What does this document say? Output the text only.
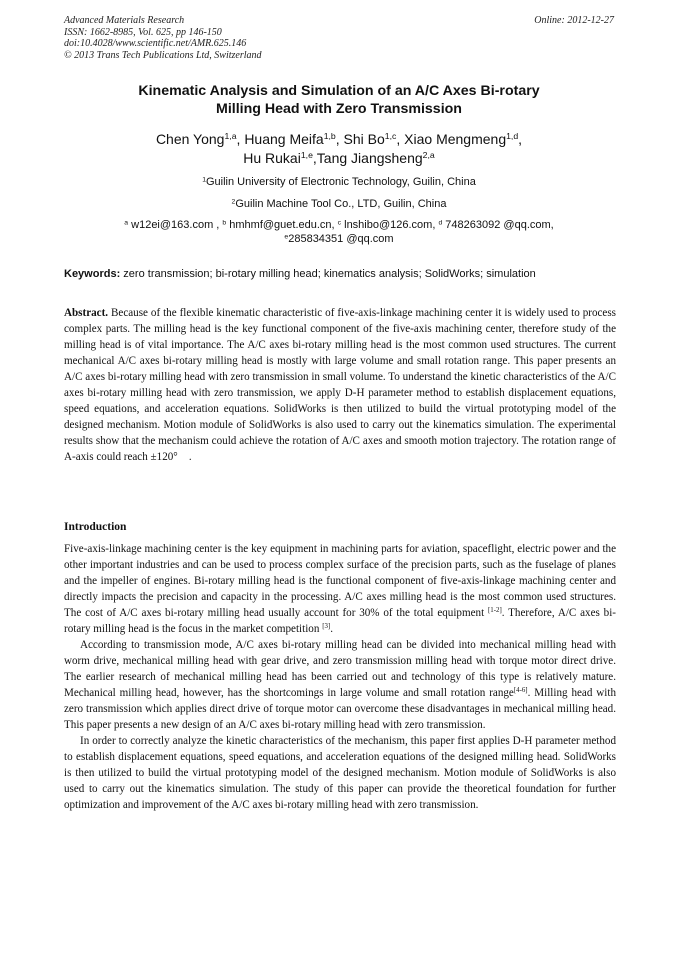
Advanced Materials Research
ISSN: 1662-8985, Vol. 625, pp 146-150
doi:10.4028/www.scientific.net/AMR.625.146
© 2013 Trans Tech Publications Ltd, Switzerland
Online: 2012-12-27
Kinematic Analysis and Simulation of an A/C Axes Bi-rotary
Milling Head with Zero Transmission
Chen Yong$^{1,a}$, Huang Meifa$^{1,b}$, Shi Bo$^{1,c}$, Xiao Mengmeng$^{1,d}$,
Hu Rukai$^{1,e}$,Tang Jiangsheng$^{2,a}$
$^1$Guilin University of Electronic Technology, Guilin, China
$^2$Guilin Machine Tool Co., LTD, Guilin, China
$^a$ w12ei@163.com , $^b$ hmhmf@guet.edu.cn, $^c$ lnshibo@126.com, $^d$ 748263092 @qq.com,
$^e$285834351 @qq.com
Keywords: zero transmission; bi-rotary milling head; kinematics analysis; SolidWorks; simulation
Abstract. Because of the flexible kinematic characteristic of five-axis-linkage machining center it is widely used to process complex parts. The milling head is the key functional component of the five-axis machining center, therefore study of the milling head is of vital importance. The A/C axes bi-rotary milling head is the most common used structures. The current mechanical A/C axes bi-rotary milling head is mostly with large volume and small rotation range. This paper presents an A/C axes bi-rotary milling head with zero transmission in small volume. To understand the kinetic characteristics of the A/C axes bi-rotary milling head with zero transmission, we apply D-H parameter method to establish displacement equations, speed equations, and acceleration equations. SolidWorks is then utilized to build the virtual prototyping model of the designed mechanism. Motion module of SolidWorks is also used to carry out the kinematics simulation. The experimental results show that the mechanism could achieve the rotation of A/C axes and smooth motion trajectory. The rotation range of A-axis could reach ±120° .
Introduction

Five-axis-linkage machining center is the key equipment in machining parts for aviation, spaceflight, electric power and the other important industries and can be used to process complex surface of the precision parts, such as the fuselage of planes and the impeller of engines. Bi-rotary milling head is the functional component of five-axis-linkage machining center and directly impacts the precision and capacity in the processing. A/C axes milling head is the most common used structures. The cost of A/C axes bi-rotary milling head usually account for 30% of the total equipment [1-2]. Therefore, A/C axes bi-rotary milling head is the focus in the market competition [3].

According to transmission mode, A/C axes bi-rotary milling head can be divided into mechanical milling head with worm drive, mechanical milling head with gear drive, and zero transmission milling head with torque motor direct drive. The earlier research of mechanical milling head has been carried out and technology of this type is relatively mature. Mechanical milling head, however, has the shortcomings in large volume and small rotation range[4-6]. Milling head with zero transmission which applies direct drive of torque motor can overcome these disadvantages in mechanical milling head. This paper presents a new design of an A/C axes bi-rotary milling head with zero transmission.

In order to correctly analyze the kinetic characteristics of the mechanism, this paper first applies D-H parameter method to establish displacement equations, speed equations, and acceleration equations of the designed milling head. SolidWorks is then utilized to build the virtual prototyping model of the designed mechanism. Motion module of SolidWorks is also used to carry out the kinematics simulation. The study of this paper can provide the theoretical foundation for further optimization and improvement of the A/C axes bi-rotary milling head with zero transmission.
